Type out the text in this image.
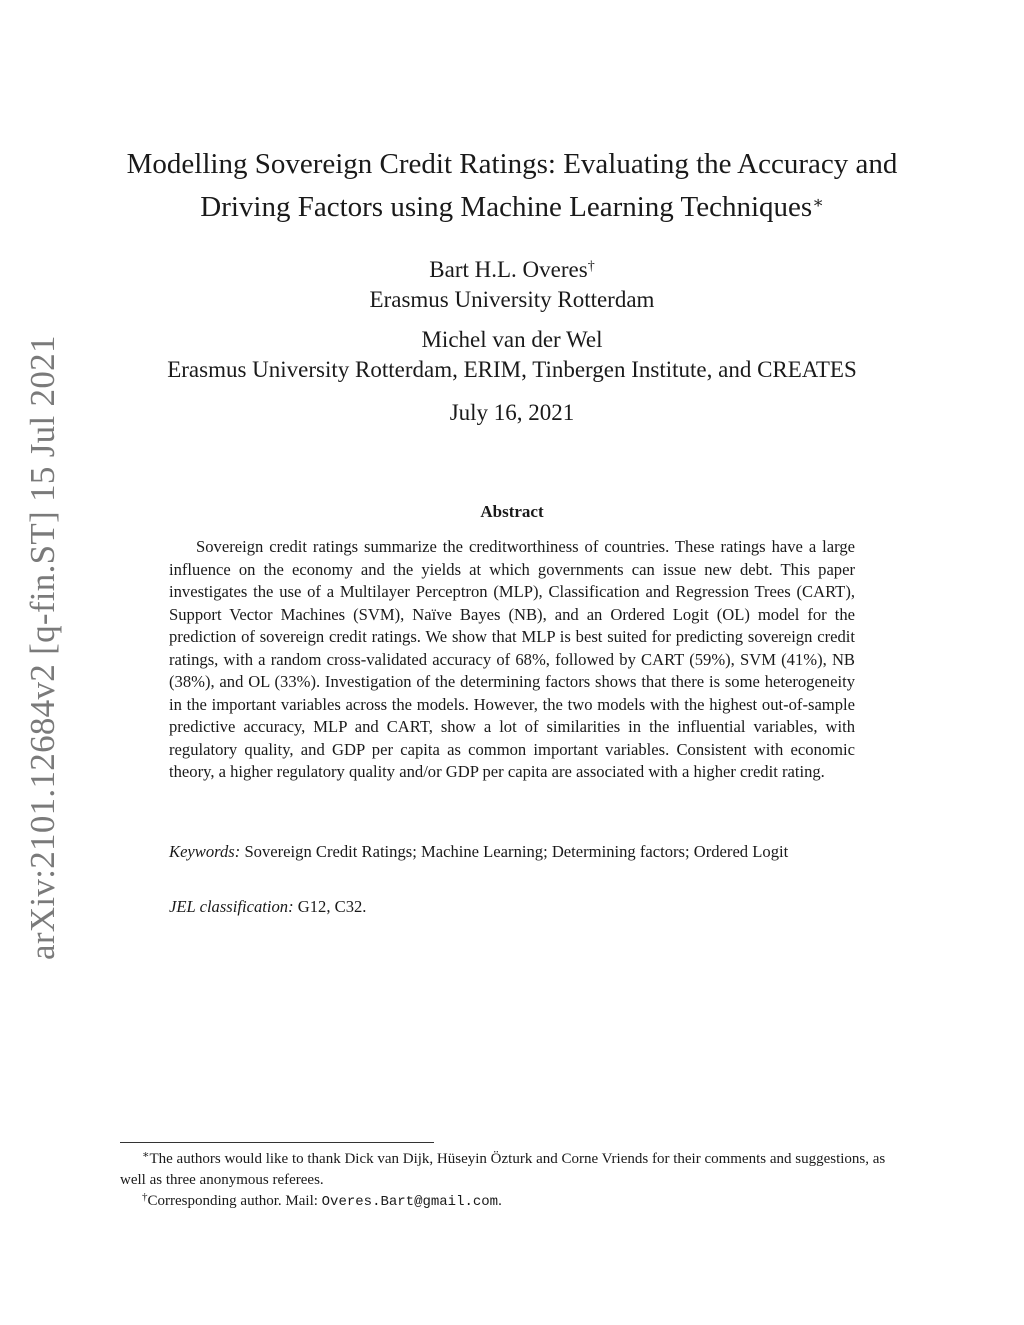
arXiv:2101.12684v2 [q-fin.ST] 15 Jul 2021
Modelling Sovereign Credit Ratings: Evaluating the Accuracy and
Driving Factors using Machine Learning Techniques∗
Bart H.L. Overes†
Erasmus University Rotterdam
Michel van der Wel
Erasmus University Rotterdam, ERIM, Tinbergen Institute, and CREATES
July 16, 2021
Abstract
Sovereign credit ratings summarize the creditworthiness of countries. These ratings have a large influence on the economy and the yields at which governments can issue new debt. This paper investigates the use of a Multilayer Perceptron (MLP), Classification and Regression Trees (CART), Support Vector Machines (SVM), Naïve Bayes (NB), and an Ordered Logit (OL) model for the prediction of sovereign credit ratings. We show that MLP is best suited for predicting sovereign credit ratings, with a random cross-validated accuracy of 68%, followed by CART (59%), SVM (41%), NB (38%), and OL (33%). Investigation of the determining factors shows that there is some heterogeneity in the important variables across the models. However, the two models with the highest out-of-sample predictive accuracy, MLP and CART, show a lot of similarities in the influential variables, with regulatory quality, and GDP per capita as common important variables. Consistent with economic theory, a higher regulatory quality and/or GDP per capita are associated with a higher credit rating.
Keywords: Sovereign Credit Ratings; Machine Learning; Determining factors; Ordered Logit
JEL classification: G12, C32.

∗The authors would like to thank Dick van Dijk, Hüseyin Özturk and Corne Vriends for their comments and suggestions, as well as three anonymous referees.

†Corresponding author. Mail: Overes.Bart@gmail.com.
